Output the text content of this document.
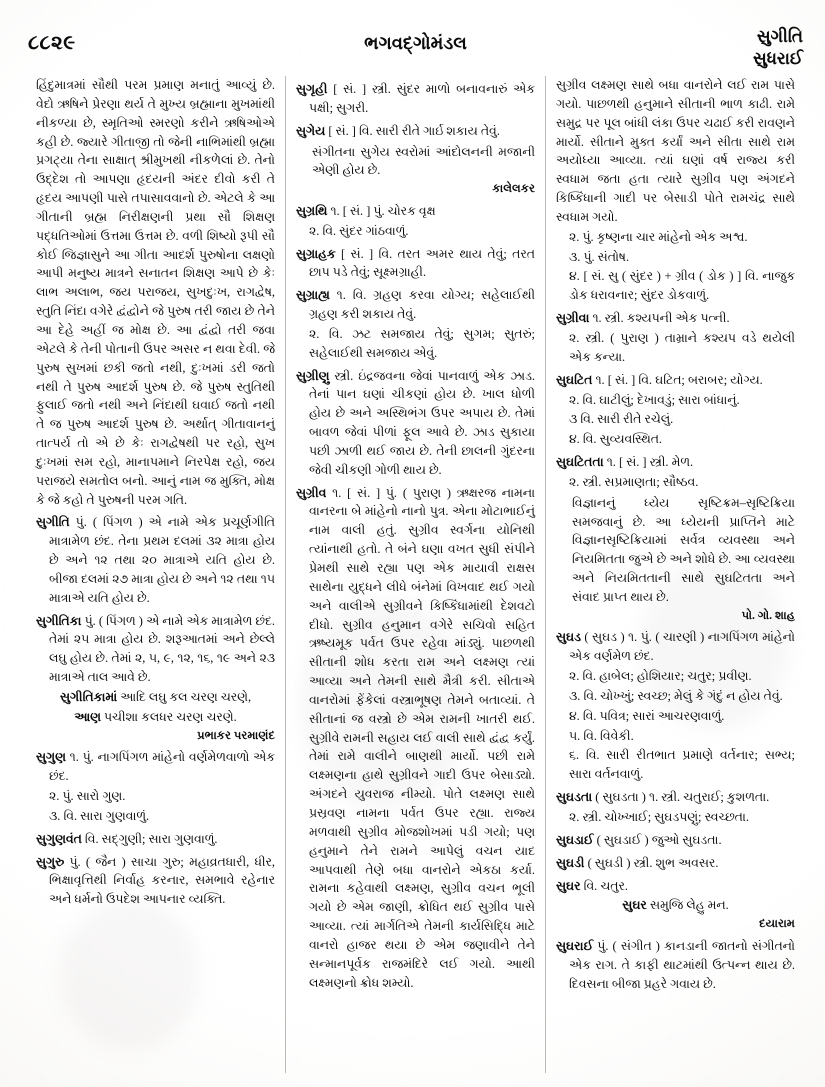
૮૮૨૯	ભગવદ્ગોમંડલ	સુગીતિ
સુધરાઈ

હિંદુમાત્રમાં સૌથી પરમ પ્રમાણ મનાતું આવ્યું છે. વેદો ઋષિને પ્રેરણા થર્ય તે મુખ્ય બ્રહ્માના મુખમાંથી નીકળ્યા છે, સ્મૃતિઓ સ્મરણો કરીને ઋષિઓએ કહી છે. જ્યારે ગીતાજી તો જેની નાભિમાંથી બ્રહ્મા પ્રગટ્યા તેના સાક્ષાત્ શ્રીમુખથી નીકળેલાં છે. તેનો ઉદ્દેશ તો આપણા હૃદયની અંદર દીવો કરી તે હૃદય આપણી પાસે તપાસાવવાનો છે. એટલે કે આ ગીતાની બ્રહ્મ નિરીક્ષણની પ્રથા સૌ શિક્ષણ પદ્ધતિઓમાં ઉત્તમા ઉત્તમ છે. વળી શિષ્યો રૂપી સૌ કોઈ જિજ્ઞાસુને આ ગીતા આદર્શ પુરુષોના લક્ષણો આપી મનુષ્ય માત્રને સનાતન શિક્ષણ આપે છે કેઃ લાભ અલાભ, જય પરાજય, સુખદુઃખ, રાગદ્વેષ, સ્તુતિ નિંદા વગેરે દ્વંદ્વોને જે પુરુષ તરી જાય છે તેને આ દેહે અહીં જ મોક્ષ છે. આ દ્વંદ્વો તરી જવા એટલે કે તેની પોતાની ઉપર અસર ન થવા દેવી. જે પુરુષ સુખમાં છકી જતો નથી, દુઃખમાં ડરી જતો નથી તે પુરુષ આદર્શ પુરુષ છે. જે પુરુષ સ્તુતિથી ફુલાઈ જતો નથી અને નિંદાથી ઘવાઈ જતો નથી તે જ પુરુષ આદર્શ પુરુષ છે. અર્થાત્ ગીતાવાનનું તાત્પર્ય તો એ છે કેઃ રાગદ્વેષથી પર રહો, સુખ દુઃખમાં સમ રહો, માનાપમાને નિરપેક્ષ રહો, જય પરાજયે સમતોલ બનો. આનું નામ જ મુક્તિ, મોક્ષ કે જે કહો તે પુરુષની પરમ ગતિ.

સુગીતિ પું. ( પિંગળ ) એ નામે એક પ્રચૂર્ણગીતિ માત્રામેળ છંદ. તેના પ્રથમ દલમાં ૩૨ માત્રા હોય છે અને ૧૨ તથા ૨૦ માત્રાએ યતિ હોય છે. બીજા દલમાં ૨૭ માત્રા હોય છે અને ૧૨ તથા ૧૫ માત્રાએ યતિ હોય છે.

સુગીતિકા પું. ( પિંગળ ) એ નામે એક માત્રામેળ છંદ. તેમાં ૨૫ માત્રા હોય છે. શરૂઆતમાં અને છેલ્લે લઘુ હોય છે. તેમાં ૨, ૫, ૯, ૧૨, ૧૬, ૧૯ અને ૨૩ માત્રાએ તાલ આવે છે.

સુગીતિકામાં આદિ લઘુ કલ ચરણ ચરણે,

આણ પચીશા કલધર ચરણ ચરણે.

પ્રભાકર પરમાણંદ

સુગુણ ૧. પું. નાગપિંગળ માંહેનો વર્ણમેળવાળો એક છંદ.

૨. પું. સારો ગુણ.

૩. વિ. સારા ગુણવાળું.

સુગુણવંત વિ. સદ્ગુણી; સારા ગુણવાળું.

સુગુરુ પું. ( જૈન ) સાચા ગુરુ; મહાવ્રતધારી, ધીર, ભિક્ષાવૃત્તિથી નિર્વાહ કરનાર, સમભાવે રહેનાર અને ધર્મનો ઉપદેશ આપનાર વ્યક્તિ.

સુગૃહી [ સં. ] સ્ત્રી. સુંદર માળો બનાવનારું એક પક્ષી; સુગરી.

સુગેય [ સં. ] વિ. સારી રીતે ગાર્ઇ શકાય તેવું.

સંગીતના સુગેય સ્વરોમાં આંદોલનની મજાની એણી હોય છે.

કાલેલકર

સુગ્રથિ ૧. [ સં. ] પું. ચોરક વૃક્ષ

૨. વિ. સુંદર ગાંઠવાળું.

સુગ્રાહક [ સં. ] વિ. તરત અમર થાય તેવું; તરત છાપ પડે તેવું; સૂક્ષ્મગ્રાહી.

સુગ્રાહ્ય ૧. વિ. ગ્રહણ કરવા યોગ્ય; સહેલાઈથી ગ્રહણ કરી શકાય તેવું.

૨. વિ. ઝટ સમજાય તેવું; સુગમ; સુતરું; સહેલાઈથી સમજાય એવું.

સુગ્રીણુ સ્ત્રી. ઇંદ્રજવના જેવાં પાનવાળું એક ઝાડ. તેનાં પાન ઘણાં ચીકણાં હોય છે. ખાલ ધોળી હોય છે અને અસ્થિભંગ ઉપર અપાય છે. તેમાં બાવળ જેવાં પીળાં ફૂલ આવે છે. ઝાડ સુકાયા પછી ઝાળી થઈ જાય છે. તેની છાલની ગુંદરના જેવી ચીકણી ગોળી થાય છે.

સુગ્રીવ ૧. [ સં. ] પું. ( પુરાણ ) ઋક્ષરજ નામના વાનરના બે માંહેનો નાનો પુત્ર. એના મોટાભાઈનું નામ વાલી હતું. સુગ્રીવ સ્વર્ગના યોનિથી ત્યાંનાથી હતો. તે બંને ઘણા વખત સુધી સંપીને પ્રેમથી સાથે રહ્યા પણ એક માયાવી રાક્ષસ સાથેના યુદ્ધને લીધે બંનેમાં વિખવાદ થઈ ગયો અને વાલીએ સુગ્રીવને કિષ્કિંધામાંથી દેશવટો દીધો. સુગ્રીવ હનુમાન વગેરે સચિવો સહિત ઋષ્યમૂક પર્વત ઉપર રહેવા માંડ્યું. પાછળથી સીતાની શોધ કરતા રામ અને લક્ષ્મણ ત્યાં આવ્યા અને તેમની સાથે મૈત્રી કરી. સીતાએ વાનરોમાં ફેંકેલાં વસ્ત્રાભૂષણ તેમને બતાવ્યાં. તે સીતાનાં જ વસ્ત્રો છે એમ રામની ખાતરી થઈ. સુગ્રીવે રામની સહાય લઈ વાલી સાથે દ્વંદ્વ કર્યું. તેમાં રામે વાલીને બાણથી માર્યો. પછી રામે લક્ષ્મણના હાથે સુગ્રીવને ગાદી ઉપર બેસાડ્યો. અંગદને યુવરાજ નીમ્યો. પોતે લક્ષ્મણ સાથે પ્રસ્રવણ નામના પર્વત ઉપર રહ્યા. રાજ્ય મળવાથી સુગ્રીવ મોજશોખમાં પડી ગયો; પણ હનુમાને તેને રામને આપેલું વચન યાદ આપવાથી તેણે બધા વાનરોને એકઠા કર્યા. રામના કહેવાથી લક્ષ્મણ, સુગ્રીવ વચન ભૂલી ગયો છે એમ જાણી, ક્રોધિત થઈ સુગ્રીવ પાસે આવ્યા. ત્યાં માર્ગતિએ તેમની કાર્યસિદ્ધિ માટે વાનરો હાજર થયા છે એમ જણાવીને તેને સન્માનપૂર્વક રાજમંદિરે લઈ ગયો. આથી લક્ષ્મણનો ક્રોધ શમ્યો.

સુગ્રીવ લક્ષ્મણ સાથે બધા વાનરોને લઈ રામ પાસે ગયો. પાછળથી હનુમાને સીતાની ભાળ કાઢી. રામે સમુદ્ર પર પૂલ બાંધી લંકા ઉપર ચઢાઈ કરી રાવણને માર્યો. સીતાને મુક્ત કર્યાં અને સીતા સાથે રામ અયોધ્યા આવ્યા. ત્યાં ઘણાં વર્ષ રાજ્ય કરી સ્વધામ જતા હતા ત્યારે સુગ્રીવ પણ અંગદને કિષ્કિંધાની ગાદી પર બેસાડી પોતે રામચંદ્ર સાથે સ્વધામ ગયો.

૨. પું. કૃષ્ણના ચાર માંહેનો એક અશ્વ.

૩. પું. સંતોષ.

૪. [ સં. સુ ( સુંદર ) + ગ્રીવ ( ડોક ) ] વિ. નાજુક ડોક ધરાવનાર; સુંદર ડોકવાળું.

સુગ્રીવા ૧. સ્ત્રી. કશ્યપની એક પત્ની.

૨. સ્ત્રી. ( પુરાણ ) તામ્રાને કશ્યપ વડે થયેલી એક કન્યા.

સુઘટિત ૧. [ સં. ] વિ. ઘટિત; બરાબર; યોગ્ય.

૨. વિ. ઘાટીલું; દેખાવડું; સારા બાંધાનું.

૩ વિ. સારી રીતે રચેલું.

૪. વિ. સુવ્યવસ્થિત.

સુઘટિતતા ૧. [ સં. ] સ્ત્રી. મેળ.

૨. સ્ત્રી. સપ્રમાણતા; સૌષ્ઠવ.

વિજ્ઞાનનું ધ્યેય સૃષ્ટિક્રમ–સૃષ્ટિક્રિયા સમજવાનું છે. આ ધ્યેયની પ્રાપ્તિને માટે વિજ્ઞાનસૃષ્ટિક્રિયામાં સર્વત્ર વ્યવસ્થા અને નિયમિતતા જુએ છે અને શોધે છે. આ વ્યવસ્થા અને નિયમિતતાની સાથે સુઘટિતતા અને સંવાદ પ્રાપ્ત થાય છે.

પો. ગો. શાહ

સુઘડ ( સુઘડ ) ૧. પું. ( ચારણી ) નાગપિંગળ માંહેનો એક વર્ણમેળ છંદ.

૨. વિ. હાબેલ; હોશિયાર; ચતુર; પ્રવીણ.

૩. વિ. ચોખ્ખું; સ્વચ્છ; મેલું કે ગંદું ન હોય તેવું.

૪. વિ. પવિત્ર; સારાં આચરણવાળું.

૫. વિ. વિવેકી.

૬. વિ. સારી રીતભાત પ્રમાણે વર્તનાર; સભ્ય; સારા વર્તનવાળું.

સુઘડતા ( સુઘડતા ) ૧. સ્ત્રી. ચતુરાઈ; કુશળતા.

૨. સ્ત્રી. ચોખ્ખાઈ; સુઘડપણું; સ્વચ્છતા.

સુઘડાઈ ( સુઘડાઈ ) જુઓ સુઘડતા.

સુઘડી ( સુઘડી ) સ્ત્રી. શુભ અવસર.

સુઘર વિ. ચતુર.

સુઘર સમુજિ લેહુ મન.

દયારામ

સુઘરાઈ પું. ( સંગીત ) કાનડાની જાતનો સંગીતનો એક રાગ. તે કાફી થાટમાંથી ઉત્પન્ન થાય છે. દિવસના બીજા પ્રહરે ગવાય છે.
